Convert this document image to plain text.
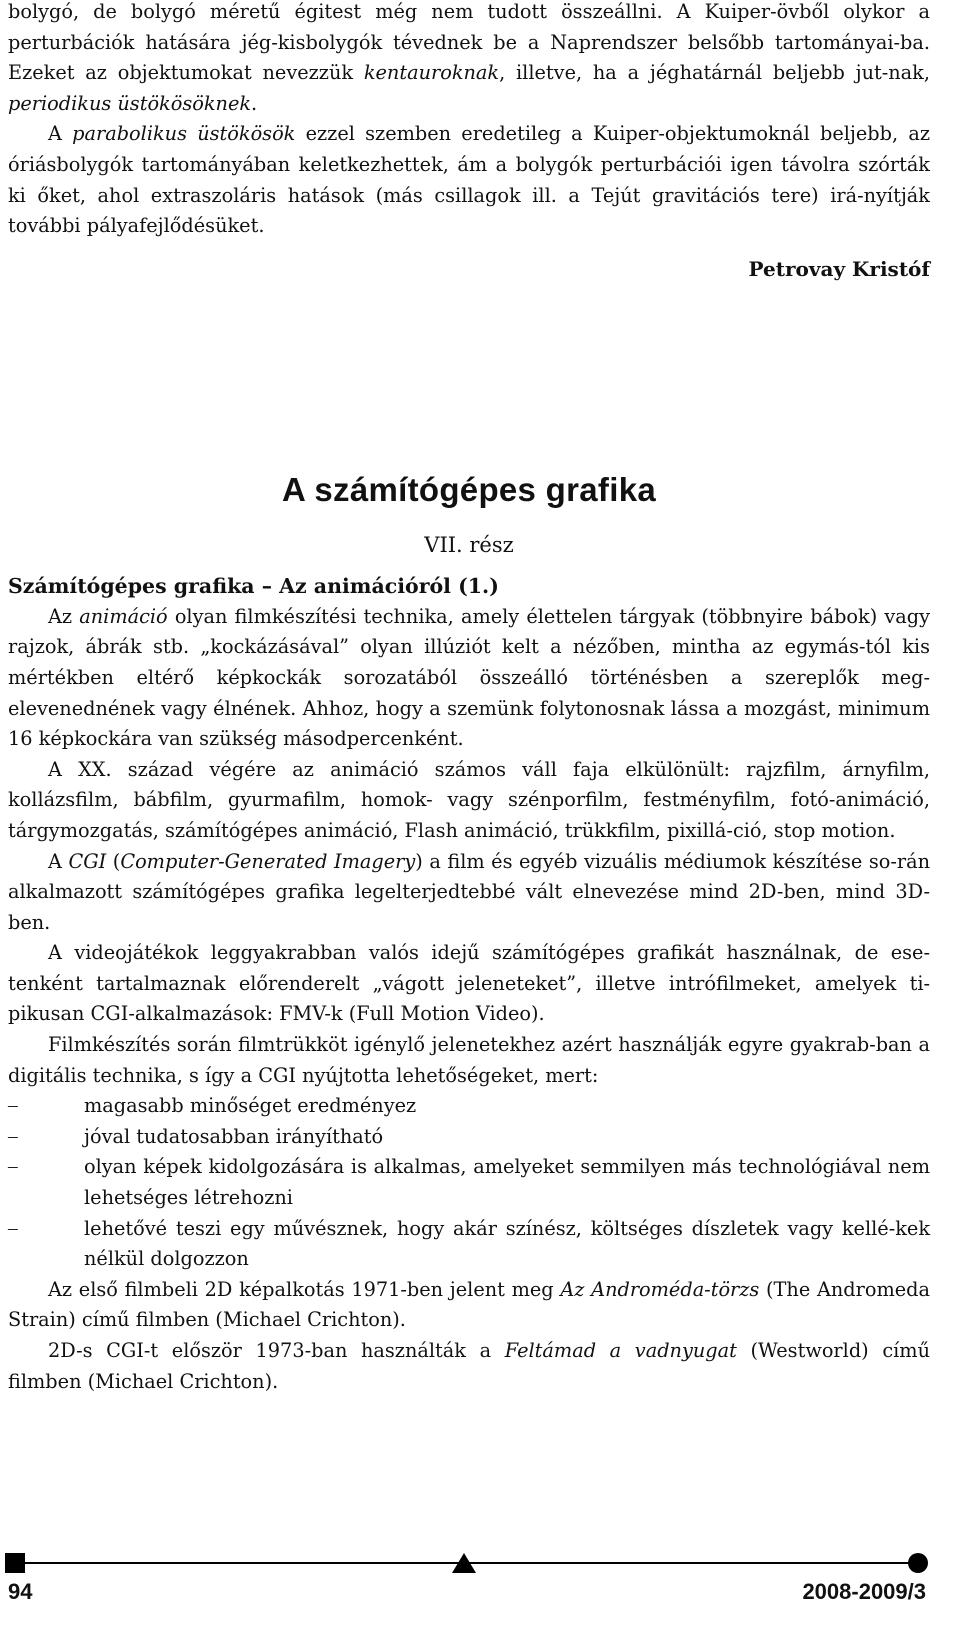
bolygó, de bolygó méretű égitest még nem tudott összeállni. A Kuiper-övből olykor a perturbációk hatására jég-kisbolygók tévednek be a Naprendszer belsőbb tartományai-ba. Ezeket az objektumokat nevezzük kentauroknak, illetve, ha a jéghatárnál beljebb jut-nak, periodikus üstökösöknek.

A parabolikus üstökösök ezzel szemben eredetileg a Kuiper-objektumoknál beljebb, az óriásbolygók tartományában keletkezhettek, ám a bolygók perturbációi igen távolra szórták ki őket, ahol extraszoláris hatások (más csillagok ill. a Tejút gravitációs tere) irá-nyítják további pályafejlődésüket.

Petrovay Kristóf
A számítógépes grafika
VII. rész
Számítógépes grafika – Az animációról (1.)

Az animáció olyan filmkészítési technika, amely élettelen tárgyak (többnyire bábok) vagy rajzok, ábrák stb. „kockázásával” olyan illúziót kelt a nézőben, mintha az egymás-tól kis mértékben eltérő képkockák sorozatából összeálló történésben a szereplők meg-elevenednének vagy élnének. Ahhoz, hogy a szemünk folytonosnak lássa a mozgást, minimum 16 képkockára van szükség másodpercenként.

A XX. század végére az animáció számos váll faja elkülönült: rajzfilm, árnyfilm, kollázsfilm, bábfilm, gyurmafilm, homok- vagy szénporfilm, festményfilm, fotó-animáció, tárgymozgatás, számítógépes animáció, Flash animáció, trükkfilm, pixillá-ció, stop motion.

A CGI (Computer-Generated Imagery) a film és egyéb vizuális médiumok készítése so-rán alkalmazott számítógépes grafika legelterjedtebbé vált elnevezése mind 2D-ben, mind 3D-ben.

A videojátékok leggyakrabban valós idejű számítógépes grafikát használnak, de ese-tenként tartalmaznak előrenderelt „vágott jeleneteket”, illetve intrófilmeket, amelyek ti-pikusan CGI-alkalmazások: FMV-k (Full Motion Video).

Filmkészítés során filmtrükköt igénylő jelenetekhez azért használják egyre gyakrab-ban a digitális technika, s így a CGI nyújtotta lehetőségeket, mert:

–	magasabb minőséget eredményez
–	jóval tudatosabban irányítható
–	olyan képek kidolgozására is alkalmas, amelyeket semmilyen más technológiával nem lehetséges létrehozni
–	lehetővé teszi egy művésznek, hogy akár színész, költséges díszletek vagy kellé-kek nélkül dolgozzon

Az első filmbeli 2D képalkotás 1971-ben jelent meg Az Androméda-törzs (The Andromeda Strain) című filmben (Michael Crichton).

2D-s CGI-t először 1973-ban használták a Feltámad a vadnyugat (Westworld) című filmben (Michael Crichton).

94	2008-2009/3
